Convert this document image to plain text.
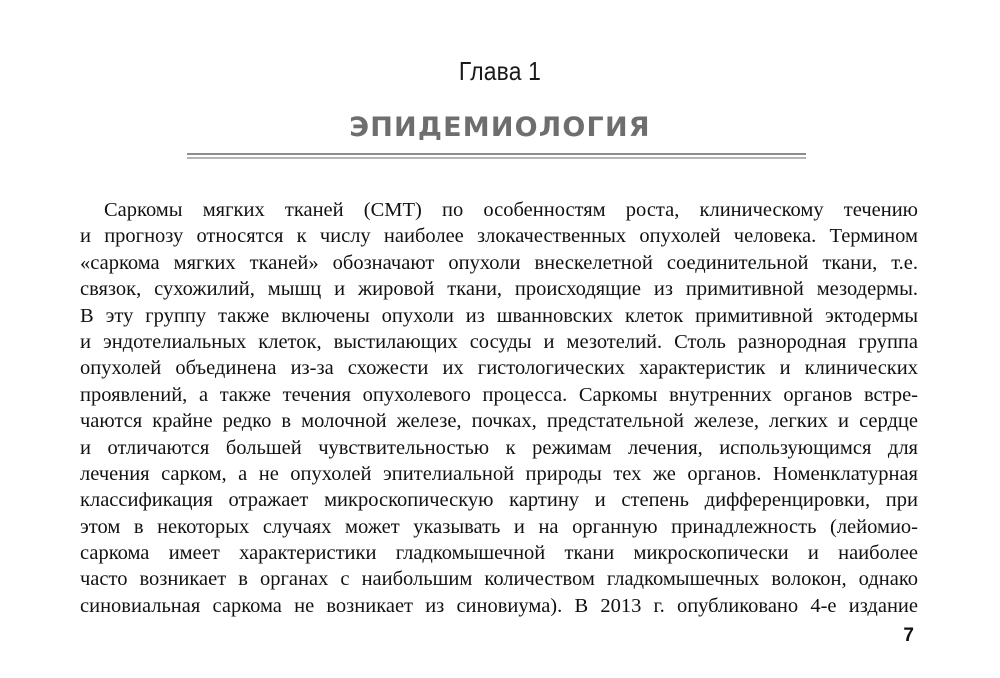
Глава 1
ЭПИДЕМИОЛОГИЯ
Саркомы мягких тканей (СМТ) по особенностям роста, клиническому течению
и прогнозу относятся к числу наиболее злокачественных опухолей человека. Термином
«саркома мягких тканей» обозначают опухоли внескелетной соединительной ткани, т.е.
связок, сухожилий, мышц и жировой ткани, происходящие из примитивной мезодермы.
В эту группу также включены опухоли из шванновских клеток примитивной эктодермы
и эндотелиальных клеток, выстилающих сосуды и мезотелий. Столь разнородная группа
опухолей объединена из-за схожести их гистологических характеристик и клинических
проявлений, а также течения опухолевого процесса. Саркомы внутренних органов встре-
чаются крайне редко в молочной железе, почках, предстательной железе, легких и сердце
и отличаются большей чувствительностью к режимам лечения, использующимся для
лечения сарком, а не опухолей эпителиальной природы тех же органов. Номенклатурная
классификация отражает микроскопическую картину и степень дифференцировки, при
этом в некоторых случаях может указывать и на органную принадлежность (лейомио-
саркома имеет характеристики гладкомышечной ткани микроскопически и наиболее
часто возникает в органах с наибольшим количеством гладкомышечных волокон, однако
синовиальная саркома не возникает из синовиума). В 2013 г. опубликовано 4-е издание
7
